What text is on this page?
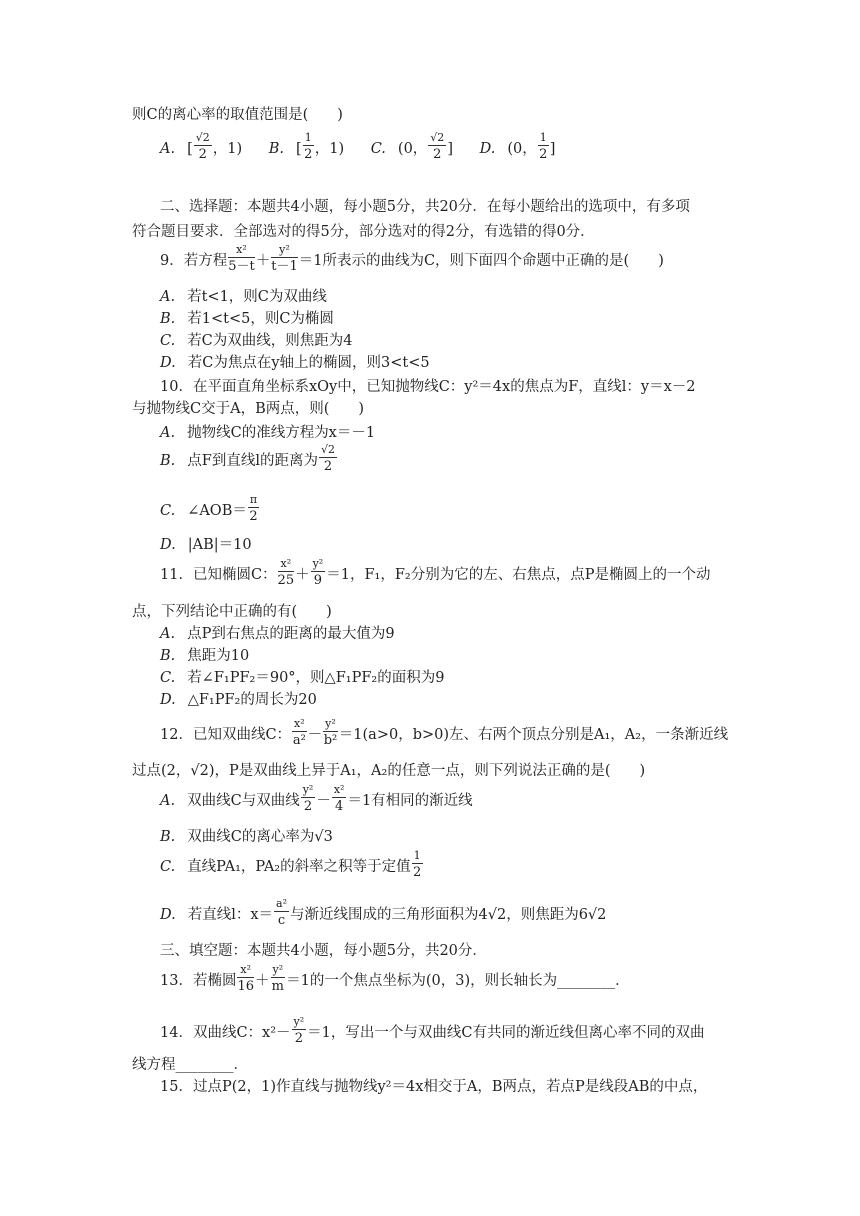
则C的离心率的取值范围是(　　)
A. [ $\frac{√2}{2}$ ，1) B. [ $\frac{1}{2}$ ，1) C. (0， $\frac{√2}{2}$ ] D. (0， $\frac{1}{2}$ ]
二、选择题：本题共4小题，每小题5分，共20分．在每小题给出的选项中，有多项
符合题目要求．全部选对的得5分，部分选对的得2分，有选错的得0分．
9．若方程 $\frac{\text{x²}}{5-t} + \frac{\text{y²}}{t-1} =1$所表示的曲线为C，则下面四个命题中正确的是(　　)
A. 若t<1，则C为双曲线
B. 若1<t<5，则C为椭圆
C. 若C为双曲线，则焦距为4
D. 若C为焦点在y轴上的椭圆，则3<t<5
10．在平面直角坐标系xOy中，已知抛物线C：y²＝4x的焦点为F，直线l：y＝x－2
与抛物线C交于A，B两点，则(　　)
A. 抛物线C的准线方程为x＝－1
B. 点F到直线l的距离为 $\frac{√2}{2}$
C. ∠AOB＝ $\frac{\pi}{2}$
D. |AB|＝10
11．已知椭圆C： $\frac{\text{x²}}{25} + \frac{\text{y²}}{9} =1$，F₁，F₂分别为它的左、右焦点，点P是椭圆上的一个动
点，下列结论中正确的有(　　)
A. 点P到右焦点的距离的最大值为9
B. 焦距为10
C. 若∠F₁PF₂＝90°，则△F₁PF₂的面积为9
D. △F₁PF₂的周长为20
12．已知双曲线C： $\frac{\text{x²}}{\text{a²}} - \frac{\text{y²}}{\text{b²}} =1(a>0$，b>0)左、右两个顶点分别是A₁，A₂，一条渐近线
过点(2，√2)，P是双曲线上异于A₁，A₂的任意一点，则下列说法正确的是(　　)
A. 双曲线C与双曲线 $\frac{\text{y²}}{2} - \frac{\text{x²}}{4} =1$有相同的渐近线
B. 双曲线C的离心率为√3
C. 直线PA₁，PA₂的斜率之积等于定值 $\frac{1}{2}$
D. 若直线l：$x= \frac{\text{a²}}{c}$ 与渐近线围成的三角形面积为4√2，则焦距为6√2
三、填空题：本题共4小题，每小题5分，共20分．
13．若椭圆 $\frac{\text{x²}}{16} + \frac{\text{y²}}{m} =1$的一个焦点坐标为(0，3)，则长轴长为________．
14．双曲线C：$x^2- \frac{\text{y²}}{2} =1$，写出一个与双曲线C有共同的渐近线但离心率不同的双曲
线方程________．
15．过点P(2，1)作直线与抛物线y²＝4x相交于A，B两点，若点P是线段AB的中点，
